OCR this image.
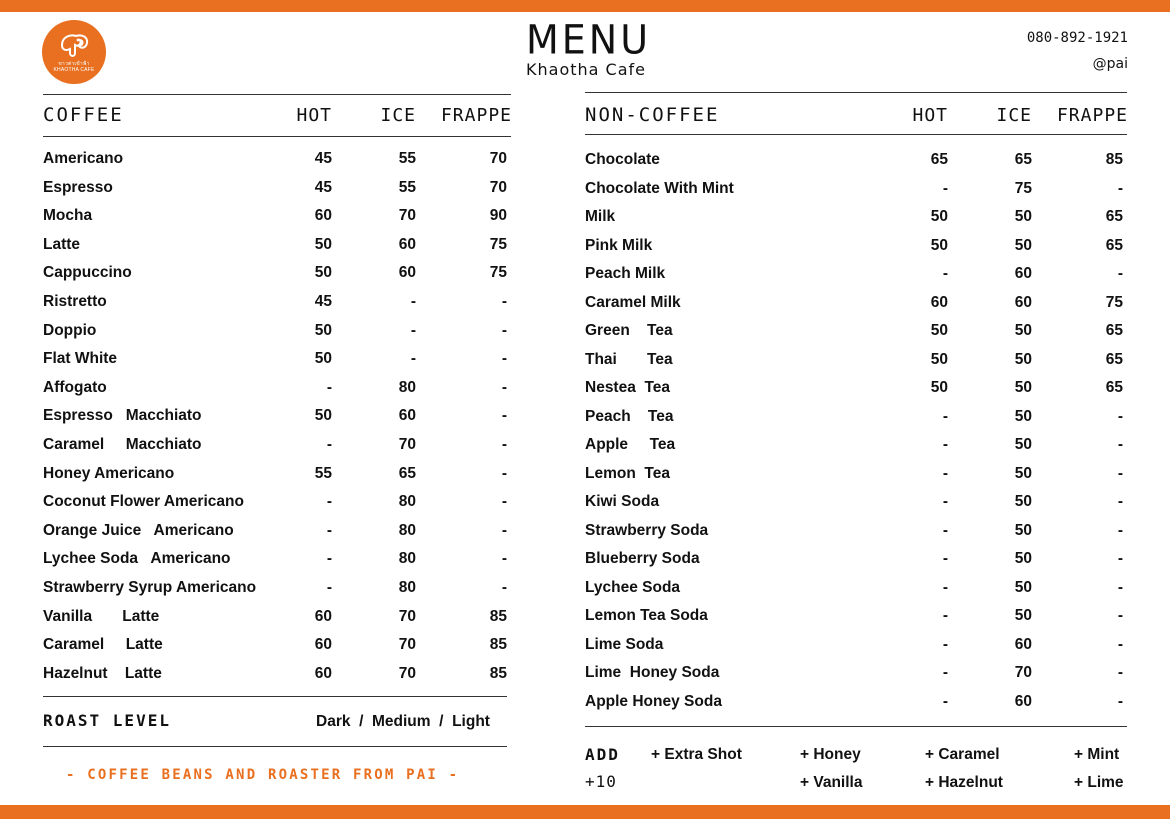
ขาวต่าเข้าฟ้า
KHAOTHA CAFE
MENU
Khaotha Cafe
080-892-1921
@pai
COFFEE	HOT	ICE	FRAPPE
Americano	45	55	70
Espresso	45	55	70
Mocha	60	70	90
Latte	50	60	75
Cappuccino	50	60	75
Ristretto	45	-	-
Doppio	50	-	-
Flat White	50	-	-
Affogato	-	80	-
Espresso   Macchiato	50	60	-
Caramel     Macchiato	-	70	-
Honey Americano	55	65	-
Coconut Flower Americano	-	80	-
Orange Juice   Americano	-	80	-
Lychee Soda   Americano	-	80	-
Strawberry Syrup Americano	-	80	-
Vanilla       Latte	60	70	85
Caramel     Latte	60	70	85
Hazelnut    Latte	60	70	85
ROAST LEVEL	Dark  /  Medium  /  Light
- COFFEE BEANS AND ROASTER FROM PAI -
NON-COFFEE	HOT	ICE	FRAPPE
Chocolate	65	65	85
Chocolate With Mint	-	75	-
Milk	50	50	65
Pink Milk	50	50	65
Peach Milk	-	60	-
Caramel Milk	60	60	75
Green    Tea	50	50	65
Thai       Tea	50	50	65
Nestea  Tea	50	50	65
Peach    Tea	-	50	-
Apple     Tea	-	50	-
Lemon  Tea	-	50	-
Kiwi Soda	-	50	-
Strawberry Soda	-	50	-
Blueberry Soda	-	50	-
Lychee Soda	-	50	-
Lemon Tea Soda	-	50	-
Lime Soda	-	60	-
Lime  Honey Soda	-	70	-
Apple Honey Soda	-	60	-
ADD
+10
+ Extra Shot	+ Honey	+ Caramel	+ Mint
+ Vanilla	+ Hazelnut	+ Lime
